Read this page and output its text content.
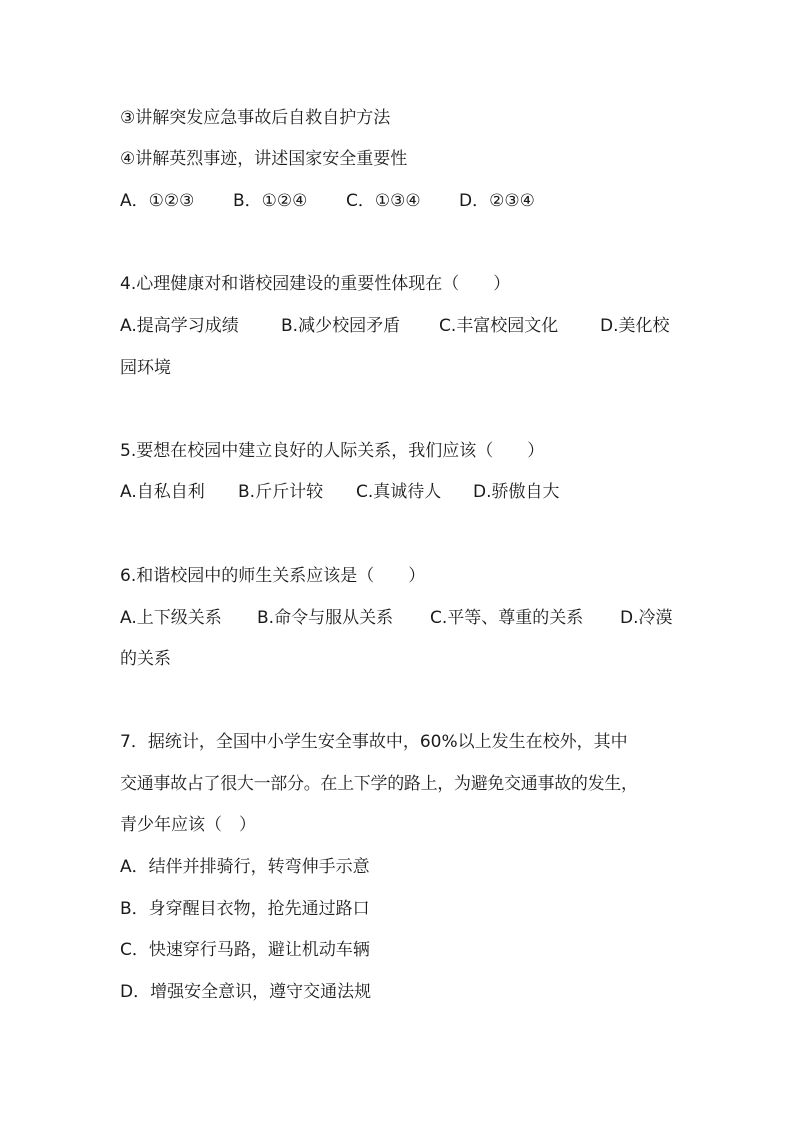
③讲解突发应急事故后自救自护方法
④讲解英烈事迹，讲述国家安全重要性
A．①②③ B．①②④ C．①③④ D．②③④
4.心理健康对和谐校园建设的重要性体现在（　　）
A.提高学习成绩 B.减少校园矛盾 C.丰富校园文化 D.美化校
园环境
5.要想在校园中建立良好的人际关系，我们应该（　　）
A.自私自利 B.斤斤计较 C.真诚待人 D.骄傲自大
6.和谐校园中的师生关系应该是（　　）
A.上下级关系 B.命令与服从关系 C.平等、尊重的关系 D.冷漠
的关系
7．据统计，全国中小学生安全事故中，60%以上发生在校外，其中
交通事故占了很大一部分。在上下学的路上，为避免交通事故的发生，
青少年应该（　）
A．结伴并排骑行，转弯伸手示意
B．身穿醒目衣物，抢先通过路口
C．快速穿行马路，避让机动车辆
D．增强安全意识，遵守交通法规
